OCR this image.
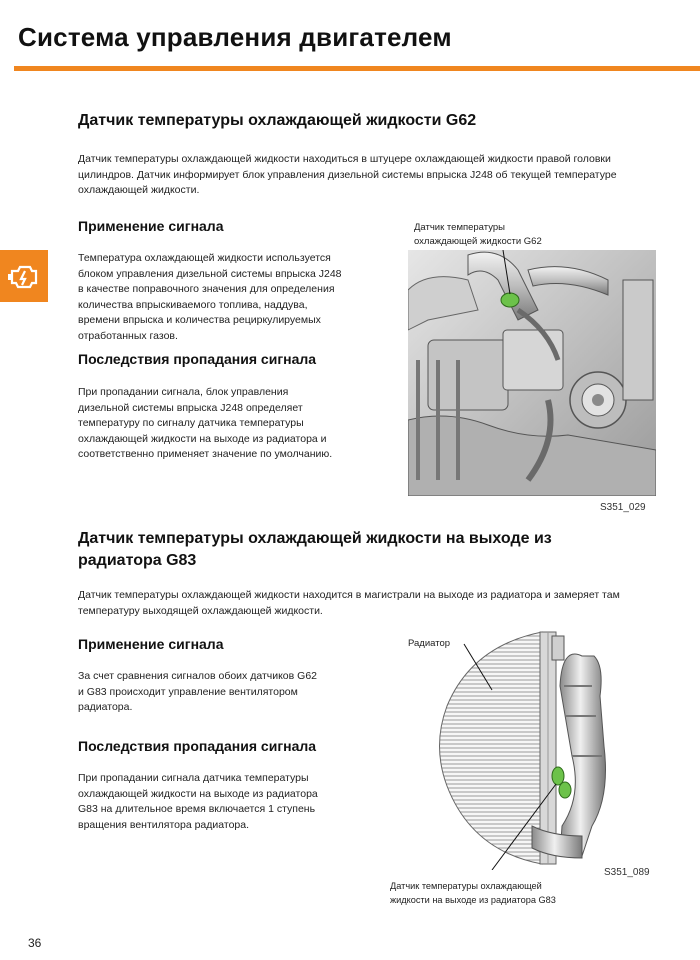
Система управления двигателем
Датчик температуры охлаждающей жидкости G62

Датчик температуры охлаждающей жидкости находиться в штуцере охлаждающей жидкости правой головки

цилиндров. Датчик информирует блок управления дизельной системы впрыска J248 об текущей температуре

охлаждающей жидкости.

Применение сигнала

Температура охлаждающей жидкости используется

блоком управления дизельной системы впрыска J248

в качестве поправочного значения для определения

количества впрыскиваемого топлива, наддува,

времени впрыска и количества рециркулируемых

отработанных газов.

Последствия пропадания сигнала

При пропадании сигнала, блок управления

дизельной системы впрыска J248 определяет

температуру по сигналу датчика температуры

охлаждающей жидкости на выходе из радиатора и

соответственно применяет значение по умолчанию.

Датчик температуры
охлаждающей жидкости G62
S351_029
Датчик температуры охлаждающей жидкости на выходе из
радиатора G83

Датчик температуры охлаждающей жидкости находится в магистрали на выходе из радиатора и замеряет там

температуру выходящей охлаждающей жидкости.

Применение сигнала

За счет сравнения сигналов обоих датчиков G62

и G83 происходит управление вентилятором

радиатора.

Последствия пропадания сигнала

При пропадании сигнала датчика температуры

охлаждающей жидкости на выходе из радиатора

G83 на длительное время включается 1 ступень

вращения вентилятора радиатора.

Радиатор
S351_089
Датчик температуры охлаждающей
жидкости на выходе из радиатора G83
36
